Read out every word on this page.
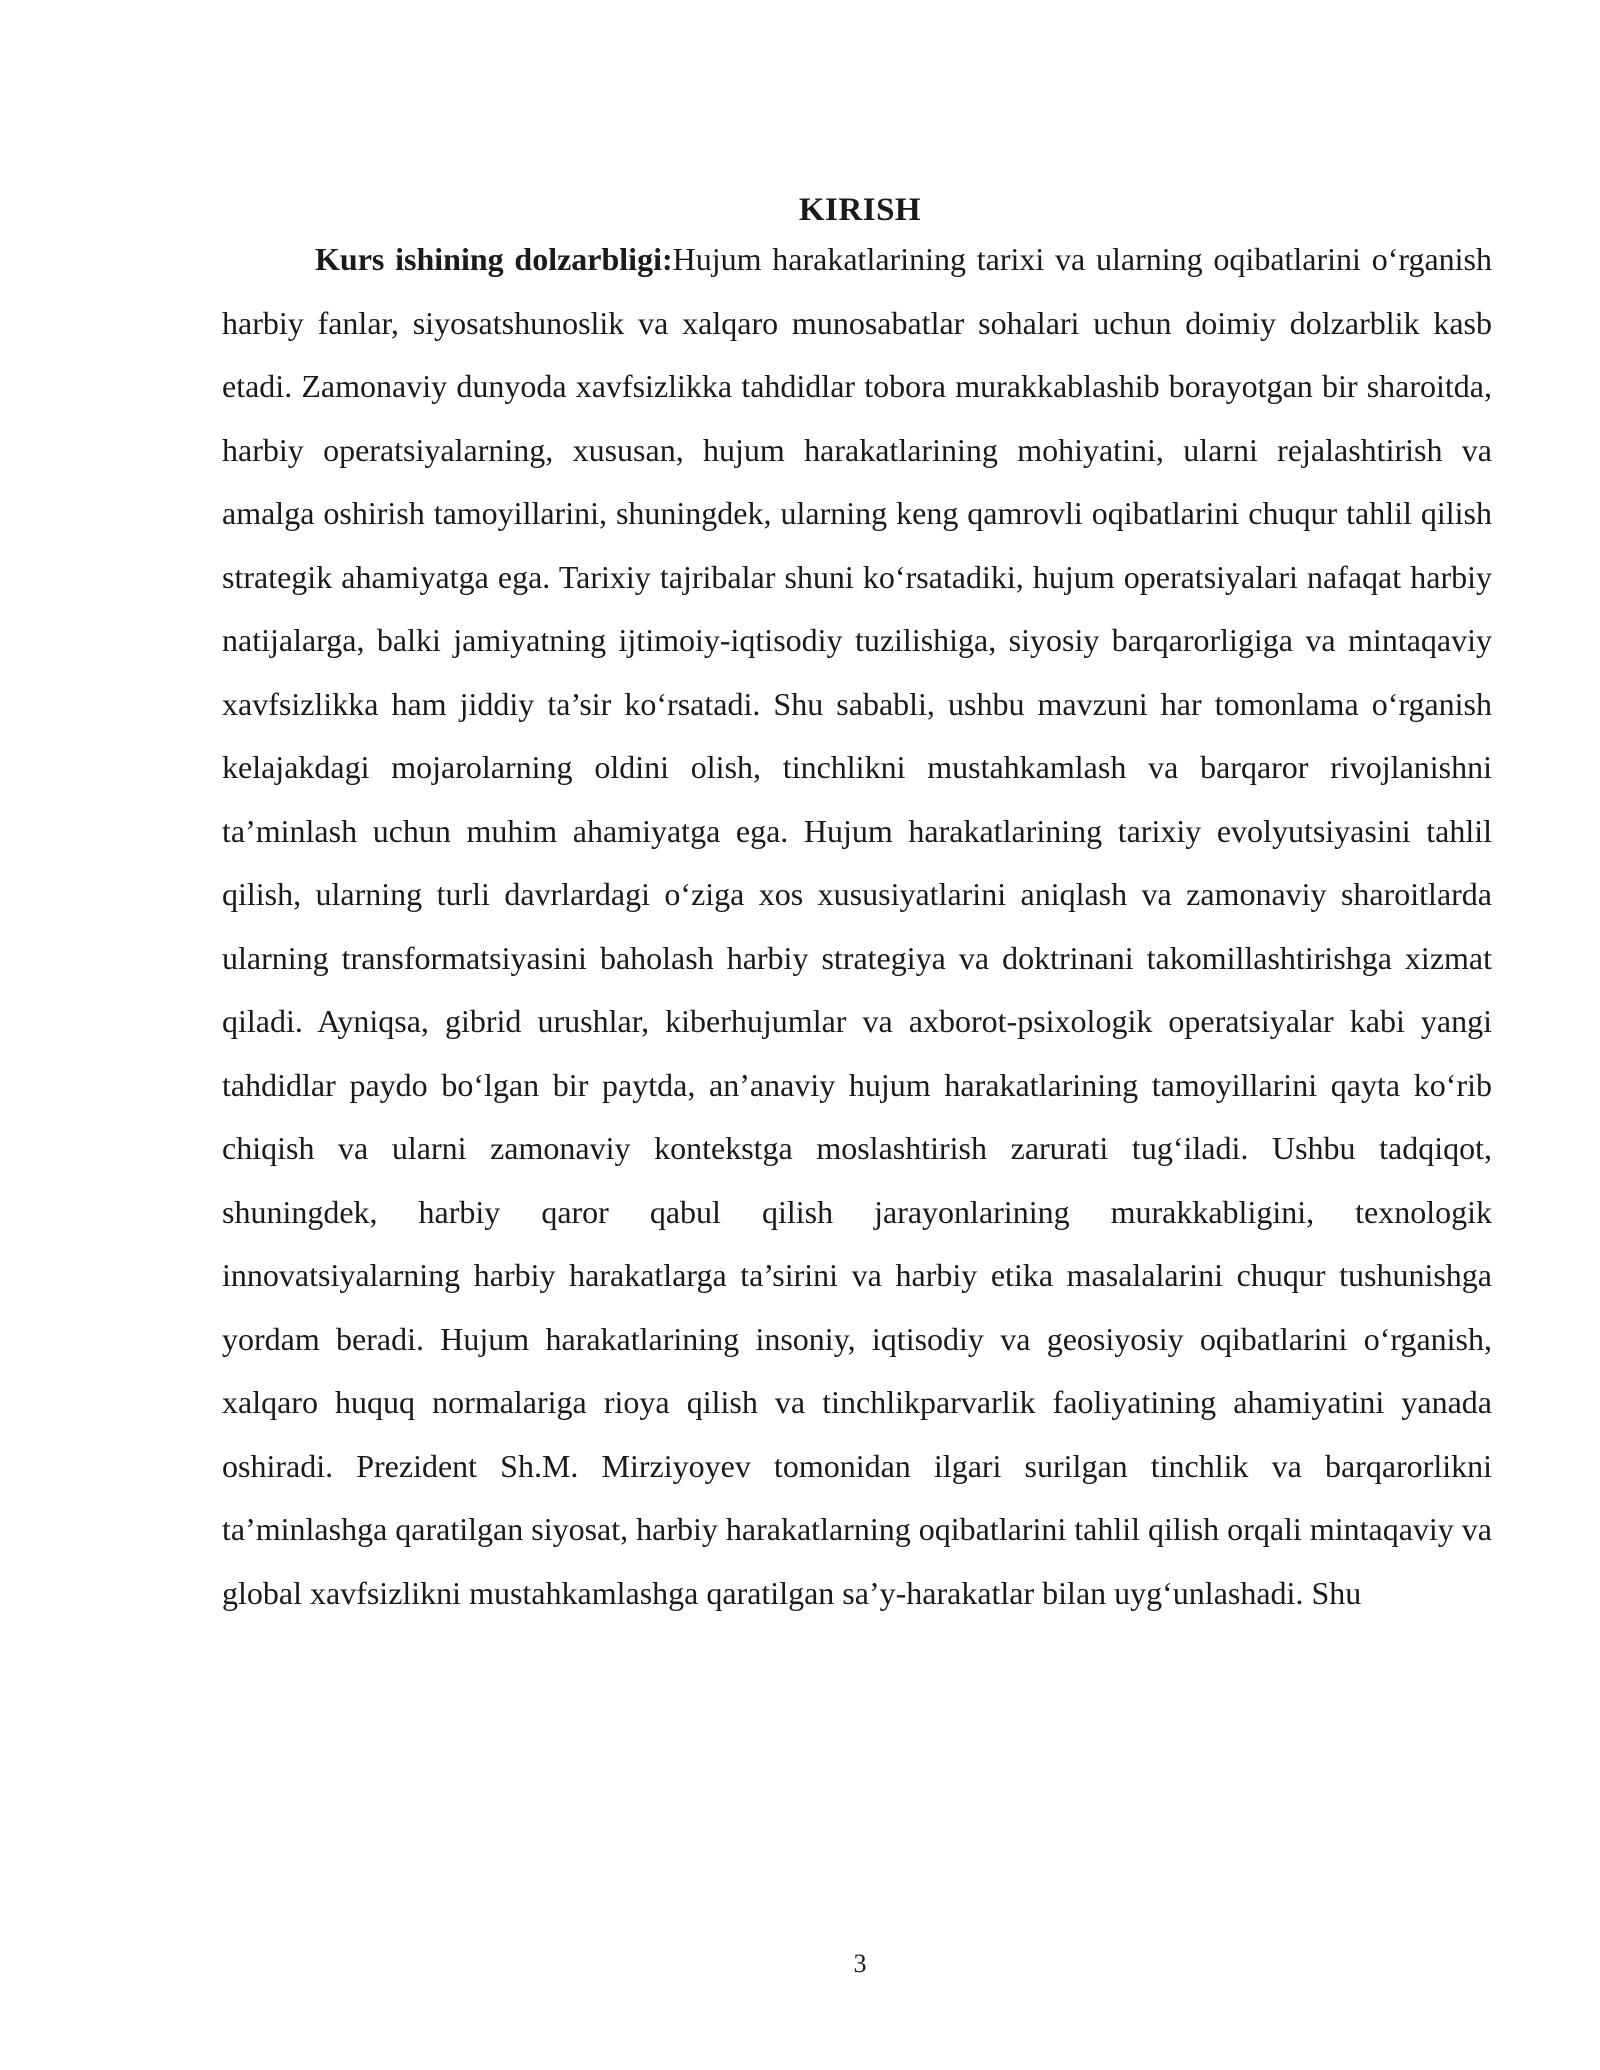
KIRISH

Kurs ishining dolzarbligi:Hujum harakatlarining tarixi va ularning oqibatlarini o‘rganish harbiy fanlar, siyosatshunoslik va xalqaro munosabatlar sohalari uchun doimiy dolzarblik kasb etadi. Zamonaviy dunyoda xavfsizlikka tahdidlar tobora murakkablashib borayotgan bir sharoitda, harbiy operatsiyalarning, xususan, hujum harakatlarining mohiyatini, ularni rejalashtirish va amalga oshirish tamoyillarini, shuningdek, ularning keng qamrovli oqibatlarini chuqur tahlil qilish strategik ahamiyatga ega. Tarixiy tajribalar shuni ko‘rsatadiki, hujum operatsiyalari nafaqat harbiy natijalarga, balki jamiyatning ijtimoiy-iqtisodiy tuzilishiga, siyosiy barqarorligiga va mintaqaviy xavfsizlikka ham jiddiy ta’sir ko‘rsatadi. Shu sababli, ushbu mavzuni har tomonlama o‘rganish kelajakdagi mojarolarning oldini olish, tinchlikni mustahkamlash va barqaror rivojlanishni ta’minlash uchun muhim ahamiyatga ega. Hujum harakatlarining tarixiy evolyutsiyasini tahlil qilish, ularning turli davrlardagi o‘ziga xos xususiyatlarini aniqlash va zamonaviy sharoitlarda ularning transformatsiyasini baholash harbiy strategiya va doktrinani takomillashtirishga xizmat qiladi. Ayniqsa, gibrid urushlar, kiberhujumlar va axborot-psixologik operatsiyalar kabi yangi tahdidlar paydo bo‘lgan bir paytda, an’anaviy hujum harakatlarining tamoyillarini qayta ko‘rib chiqish va ularni zamonaviy kontekstga moslashtirish zarurati tug‘iladi. Ushbu tadqiqot, shuningdek, harbiy qaror qabul qilish jarayonlarining murakkabligini, texnologik innovatsiyalarning harbiy harakatlarga ta’sirini va harbiy etika masalalarini chuqur tushunishga yordam beradi. Hujum harakatlarining insoniy, iqtisodiy va geosiyosiy oqibatlarini o‘rganish, xalqaro huquq normalariga rioya qilish va tinchlikparvarlik faoliyatining ahamiyatini yanada oshiradi. Prezident Sh.M. Mirziyoyev tomonidan ilgari surilgan tinchlik va barqarorlikni ta’minlashga qaratilgan siyosat, harbiy harakatlarning oqibatlarini tahlil qilish orqali mintaqaviy va global xavfsizlikni mustahkamlashga qaratilgan sa’y-harakatlar bilan uyg‘unlashadi. Shu

3
